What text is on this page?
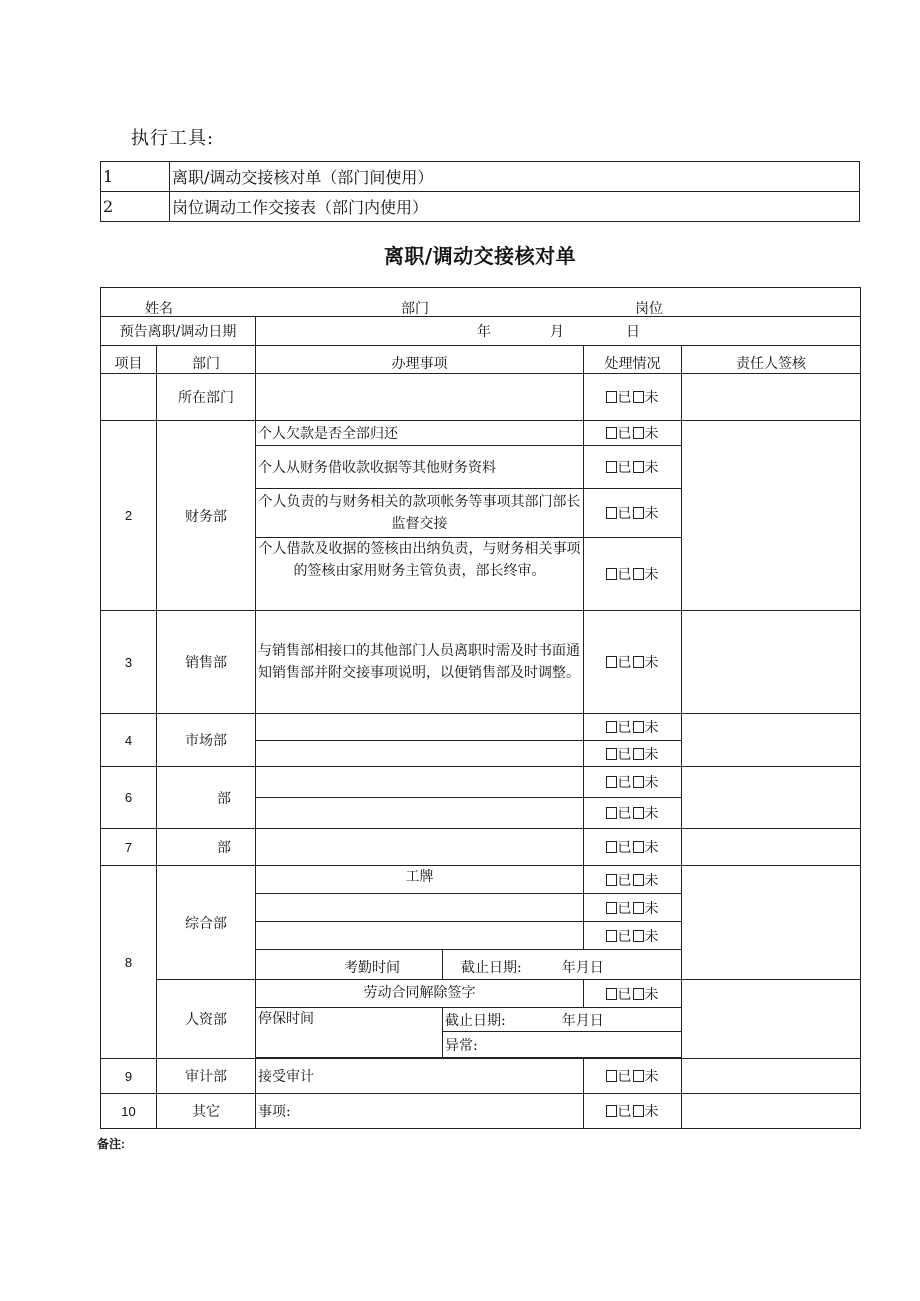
执行工具:
1	离职/调动交接核对单（部门间使用）
2	岗位调动工作交接表（部门内使用）
离职/调动交接核对单
姓名 部门 岗位					

预告离职/调动日期		年 月 日			

项目	部门	办理事项		处理情况	责任人签核
	所在部门			已 未	
2	财务部	个人欠款是否全部归还		已 未	
		个人从财务借收款收据等其他财务资料		已 未	
		个人负责的与财务相关的款项帐务等事项其部门部长监督交接		已 未	
		个人借款及收据的签核由出纳负责，与财务相关事项的签核由家用财务主管负责，部长终审。		已 未	
3	销售部	与销售部相接口的其他部门人员离职时需及时书面通知销售部并附交接事项说明，以便销售部及时调整。		已 未	
4	市场部			已 未	
				已 未	
6	部			已 未	
				已 未	
7	部			已 未	
8	综合部	工牌		已 未	
				已 未	
				已 未	
		考勤时间	截止日期: 年月日		
	人资部	劳动合同解除签字		已 未	
		停保时间	截止日期: 年月日		
			异常:		

9	审计部	接受审计		已 未	
10	其它	事项:		已 未	
备注:
